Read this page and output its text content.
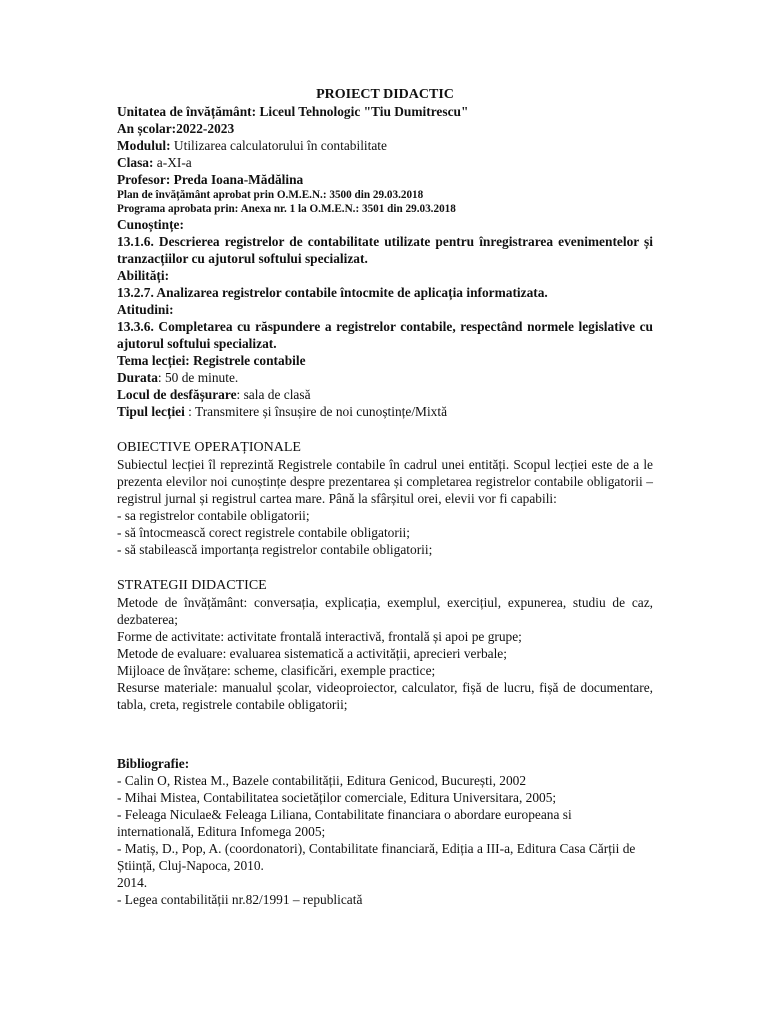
PROIECT DIDACTIC
Unitatea de învățământ: Liceul Tehnologic "Tiu Dumitrescu"
An școlar:2022-2023
Modulul: Utilizarea calculatorului în contabilitate
Clasa: a-XI-a
Profesor: Preda Ioana-Mădălina
Plan de învățământ aprobat prin O.M.E.N.: 3500 din 29.03.2018
Programa aprobata prin: Anexa nr. 1 la O.M.E.N.: 3501 din 29.03.2018
Cunoștințe:
13.1.6. Descrierea registrelor de contabilitate utilizate pentru înregistrarea evenimentelor și tranzacțiilor cu ajutorul softului specializat.
Abilități:
13.2.7. Analizarea registrelor contabile întocmite de aplicația informatizata.
Atitudini:
13.3.6. Completarea cu răspundere a registrelor contabile, respectând normele legislative cu ajutorul softului specializat.
Tema lecției: Registrele contabile
Durata: 50 de minute.
Locul de desfășurare: sala de clasă
Tipul lecției : Transmitere și însușire de noi cunoștințe/Mixtă
OBIECTIVE OPERAȚIONALE
Subiectul lecției îl reprezintă Registrele contabile în cadrul unei entități. Scopul lecției este de a le prezenta elevilor noi cunoștințe despre prezentarea și completarea registrelor contabile obligatorii – registrul jurnal și registrul cartea mare. Până la sfârșitul orei, elevii vor fi capabili:
- sa registrelor contabile obligatorii;
- să întocmească corect registrele contabile obligatorii;
- să stabilească importanța registrelor contabile obligatorii;
STRATEGII DIDACTICE
Metode de învățământ: conversația, explicația, exemplul, exercițiul, expunerea, studiu de caz, dezbaterea;
Forme de activitate: activitate frontală interactivă, frontală și apoi pe grupe;
Metode de evaluare: evaluarea sistematică a activității, aprecieri verbale;
Mijloace de învățare: scheme, clasificări, exemple practice;
Resurse materiale: manualul școlar, videoproiector, calculator, fișă de lucru, fișă de documentare, tabla, creta, registrele contabile obligatorii;
Bibliografie:
- Calin O, Ristea M., Bazele contabilității, Editura Genicod, București, 2002
- Mihai Mistea, Contabilitatea societăților comerciale, Editura Universitara, 2005;
- Feleaga Niculae& Feleaga Liliana, Contabilitate financiara o abordare europeana si internatională, Editura Infomega 2005;
- Matiș, D., Pop, A. (coordonatori), Contabilitate financiară, Ediția a III-a, Editura Casa Cărții de Știință, Cluj-Napoca, 2010.
2014.
- Legea contabilității nr.82/1991 – republicată
